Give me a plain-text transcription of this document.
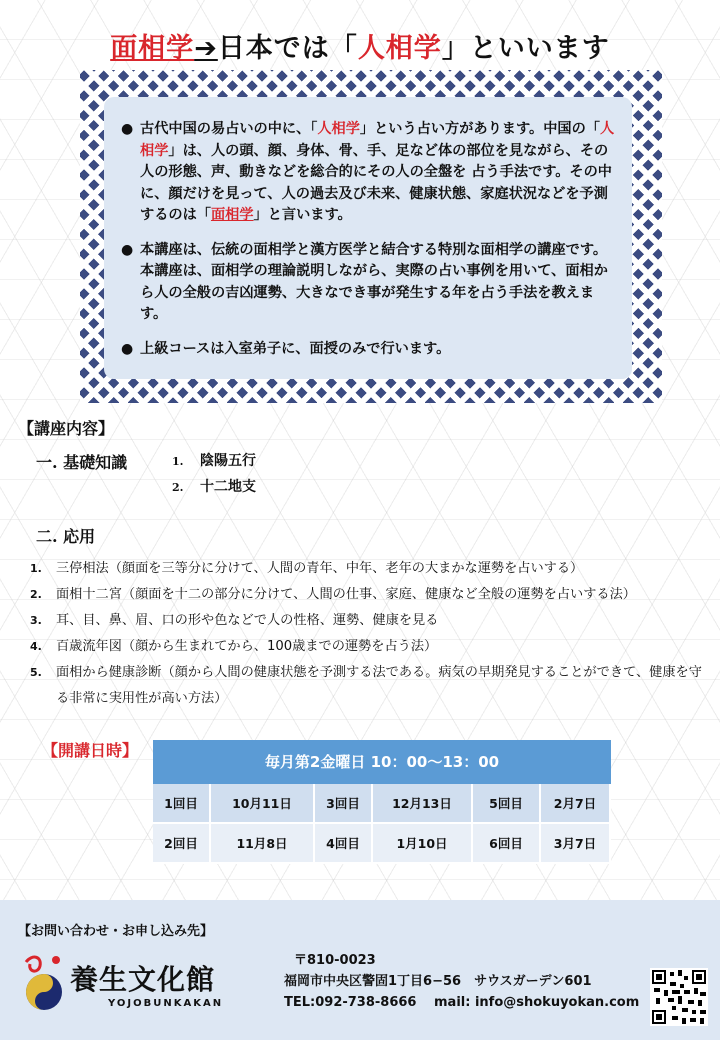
面相学➔日本では「人相学」といいます
● 古代中国の易占いの中に、「人相学」という占い方があります。中国の「人相学」は、人の頭、顔、身体、骨、手、足など体の部位を見ながら、その人の形態、声、動きなどを総合的にその人の全盤を 占う手法です。その中に、顔だけを見って、人の過去及び未来、健康状態、家庭状況などを予測するのは「面相学」と言います。
● 本講座は、伝統の面相学と漢方医学と結合する特別な面相学の講座です。本講座は、面相学の理論説明しながら、実際の占い事例を用いて、面相から人の全般の吉凶運勢、大きなでき事が発生する年を占う手法を教えます。
● 上級コースは入室弟子に、面授のみで行います。
【講座内容】
一. 基礎知識	1. 陰陽五行
2. 十二地支
二. 応用
1. 三停相法（顔面を三等分に分けて、人間の青年、中年、老年の大まかな運勢を占いする）
2. 面相十二宮（顔面を十二の部分に分けて、人間の仕事、家庭、健康など全般の運勢を占いする法）
3. 耳、目、鼻、眉、口の形や色などで人の性格、運勢、健康を見る
4. 百歳流年図（顔から生まれてから、100歳までの運勢を占う法）
5. 面相から健康診断（顔から人間の健康状態を予測する法である。病気の早期発見することができて、健康を守る非常に実用性が高い方法）
【開講日時】
毎月第2金曜日 10：00～13：00
1回目	10月11日	3回目	12月13日	5回目	2月7日
2回目	11月8日	4回目	1月10日	6回目	3月7日
【お問い合わせ・お申し込み先】
養生文化館
YOJOBUNKAKAN
〒810-0023
福岡市中央区警固1丁目6−56　サウスガーデン601
TEL:092-738-8666　 mail: info@shokuyokan.com
